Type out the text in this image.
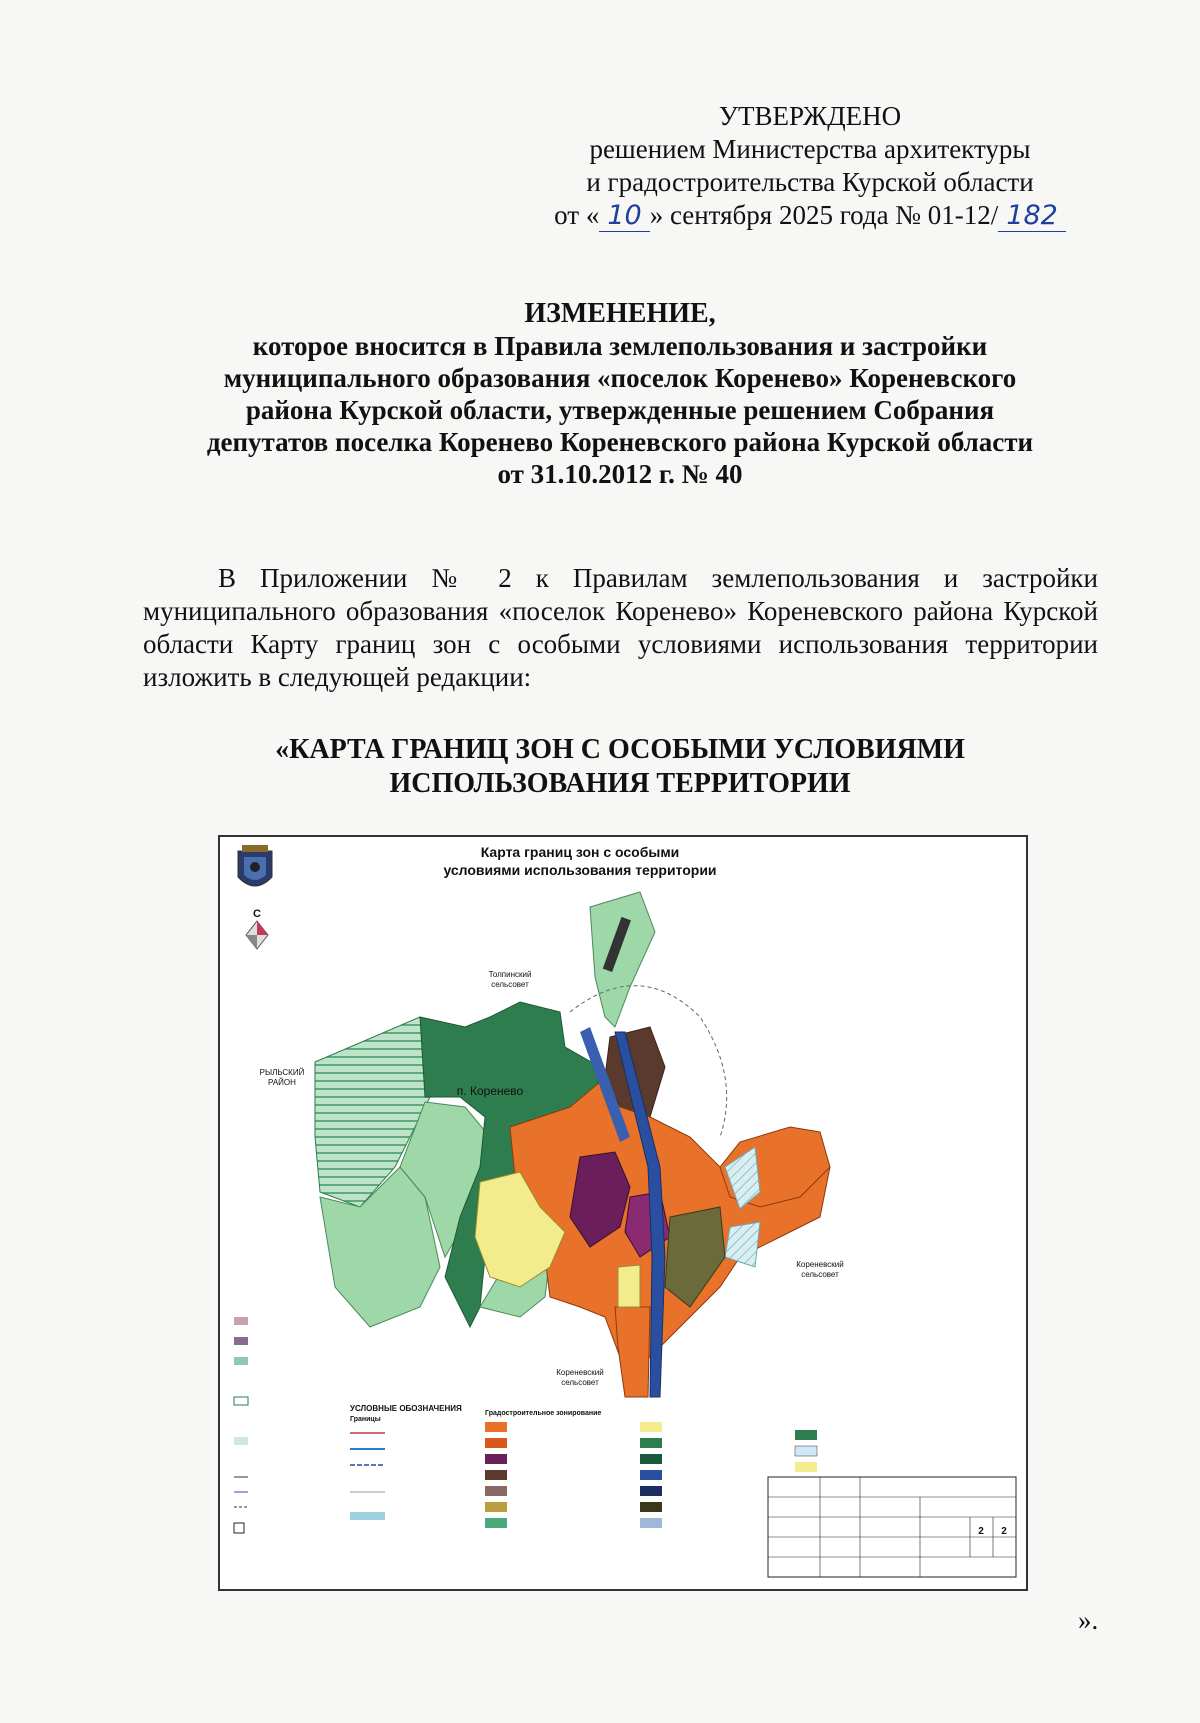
УТВЕРЖДЕНО
решением Министерства архитектуры
и градостроительства Курской области
от « 10 » сентября 2025 года № 01-12/ 182
ИЗМЕНЕНИЕ,
которое вносится в Правила землепользования и застройки
муниципального образования «поселок Коренево» Кореневского
района Курской области, утвержденные решением Собрания
депутатов поселка Коренево Кореневского района Курской области
от 31.10.2012 г. № 40
В Приложении № 2 к Правилам землепользования и застройки муниципального образования «поселок Коренево» Кореневского района Курской области Карту границ зон с особыми условиями использования территории изложить в следующей редакции:
«КАРТА ГРАНИЦ ЗОН С ОСОБЫМИ УСЛОВИЯМИ
ИСПОЛЬЗОВАНИЯ ТЕРРИТОРИИ
Карта границ зон с особыми
условиями использования территории
С
п. Коренево
Толпинский
сельсовет
РЫЛЬСКИЙ
РАЙОН
Кореневский
сельсовет
Кореневский
сельсовет
УСЛОВНЫЕ ОБОЗНАЧЕНИЯ
Границы
Градостроительное зонирование
2 2
».
